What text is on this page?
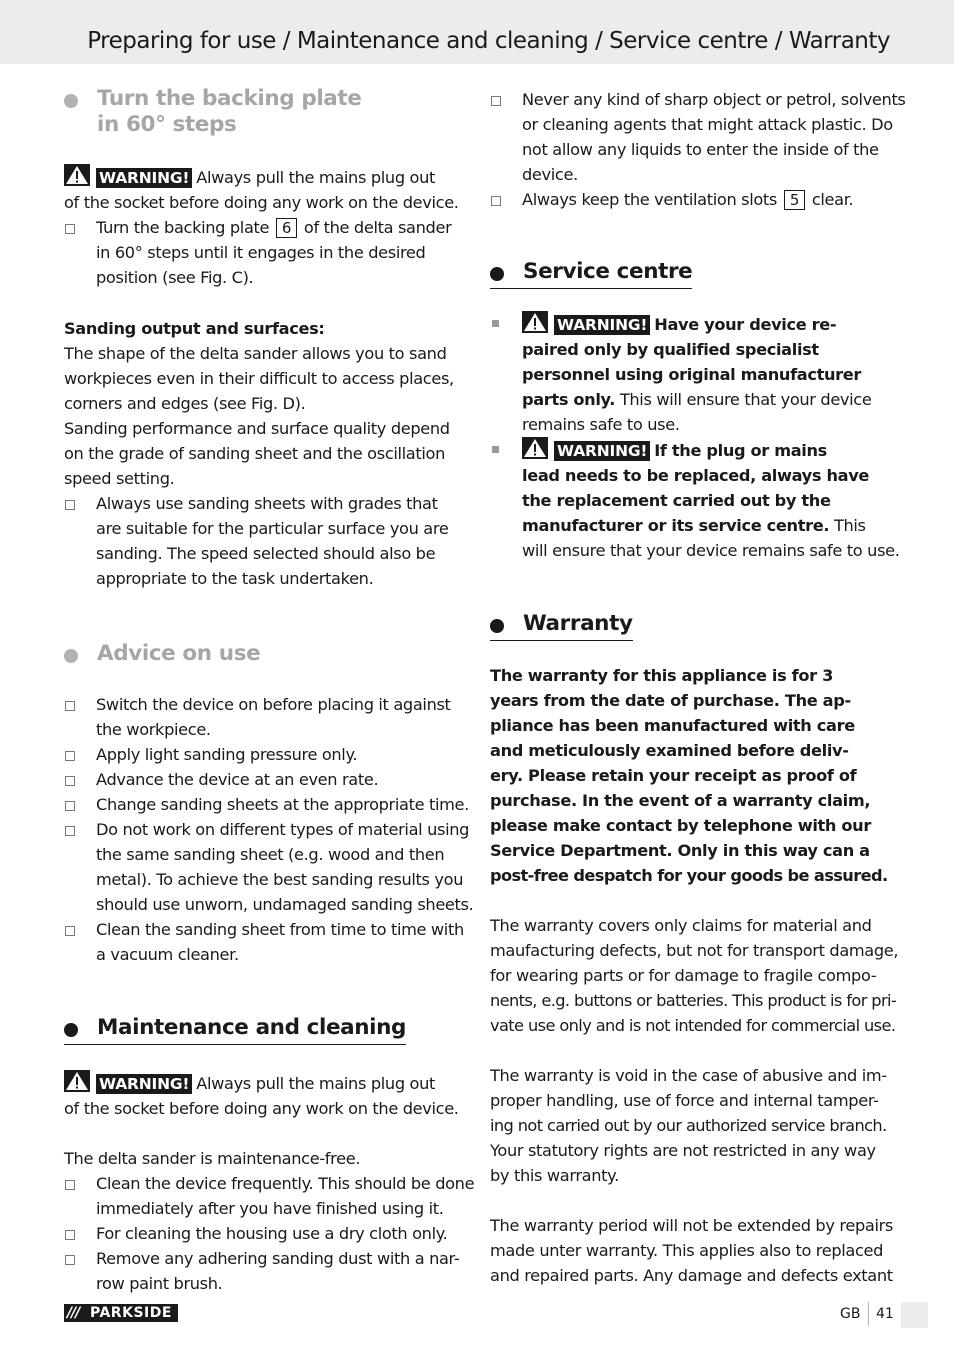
Preparing for use / Maintenance and cleaning / Service centre / Warranty
Turn the backing plate
in 60° steps
WARNING! Always pull the mains plug out
of the socket before doing any work on the device.
Turn the backing plate 6 of the delta sander
in 60° steps until it engages in the desired
position (see Fig. C).
Sanding output and surfaces:
The shape of the delta sander allows you to sand
workpieces even in their difficult to access places,
corners and edges (see Fig. D).
Sanding performance and surface quality depend
on the grade of sanding sheet and the oscillation
speed setting.
Always use sanding sheets with grades that
are suitable for the particular surface you are
sanding. The speed selected should also be
appropriate to the task undertaken.
Advice on use
Switch the device on before placing it against
the workpiece.
Apply light sanding pressure only.
Advance the device at an even rate.
Change sanding sheets at the appropriate time.
Do not work on different types of material using
the same sanding sheet (e.g. wood and then
metal). To achieve the best sanding results you
should use unworn, undamaged sanding sheets.
Clean the sanding sheet from time to time with
a vacuum cleaner.
Maintenance and cleaning
WARNING! Always pull the mains plug out
of the socket before doing any work on the device.
The delta sander is maintenance-free.
Clean the device frequently. This should be done
immediately after you have finished using it.
For cleaning the housing use a dry cloth only.
Remove any adhering sanding dust with a nar-
row paint brush.
Never any kind of sharp object or petrol, solvents
or cleaning agents that might attack plastic. Do
not allow any liquids to enter the inside of the
device.
Always keep the ventilation slots 5 clear.
Service centre
WARNING! Have your device re-
paired only by qualified specialist
personnel using original manufacturer
parts only. This will ensure that your device
remains safe to use.
WARNING! If the plug or mains
lead needs to be replaced, always have
the replacement carried out by the
manufacturer or its service centre. This
will ensure that your device remains safe to use.
Warranty
The warranty for this appliance is for 3
years from the date of purchase. The ap-
pliance has been manufactured with care
and meticulously examined before deliv-
ery. Please retain your receipt as proof of
purchase. In the event of a warranty claim,
please make contact by telephone with our
Service Department. Only in this way can a
post-free despatch for your goods be assured.
The warranty covers only claims for material and
maufacturing defects, but not for transport damage,
for wearing parts or for damage to fragile compo-
nents, e.g. buttons or batteries. This product is for pri-
vate use only and is not intended for commercial use.
The warranty is void in the case of abusive and im-
proper handling, use of force and internal tamper-
ing not carried out by our authorized service branch.
Your statutory rights are not restricted in any way
by this warranty.
The warranty period will not be extended by repairs
made unter warranty. This applies also to replaced
and repaired parts. Any damage and defects extant
/// PARKSIDE	GB 41
